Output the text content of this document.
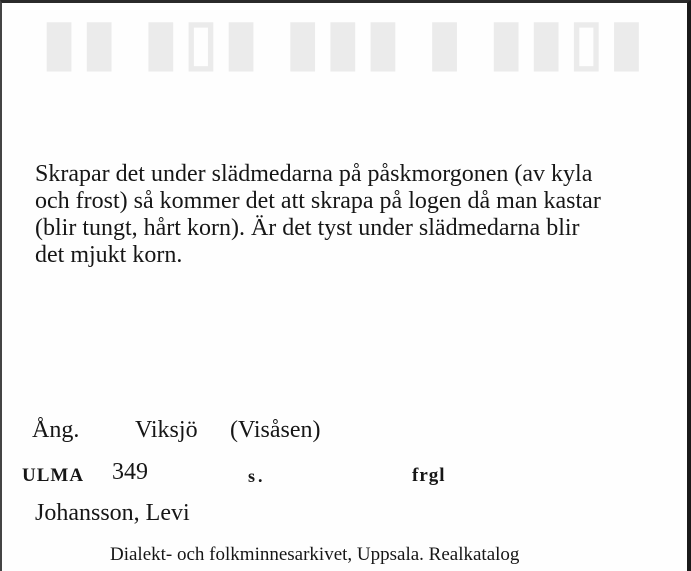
▮▮ ▮▯▮ ▮▮▮ ▮ ▮▮▯▮

Skrapar det under slädmedarna på påskmorgonen (av kyla
och frost) så kommer det att skrapa på logen då man kastar
(blir tungt, hårt korn). Är det tyst under slädmedarna blir
det mjukt korn.

Ång. Viksjö (Visåsen)
ULMA 349	s.	frgl
Johansson, Levi
Dialekt- och folkminnesarkivet, Uppsala. Realkatalog
